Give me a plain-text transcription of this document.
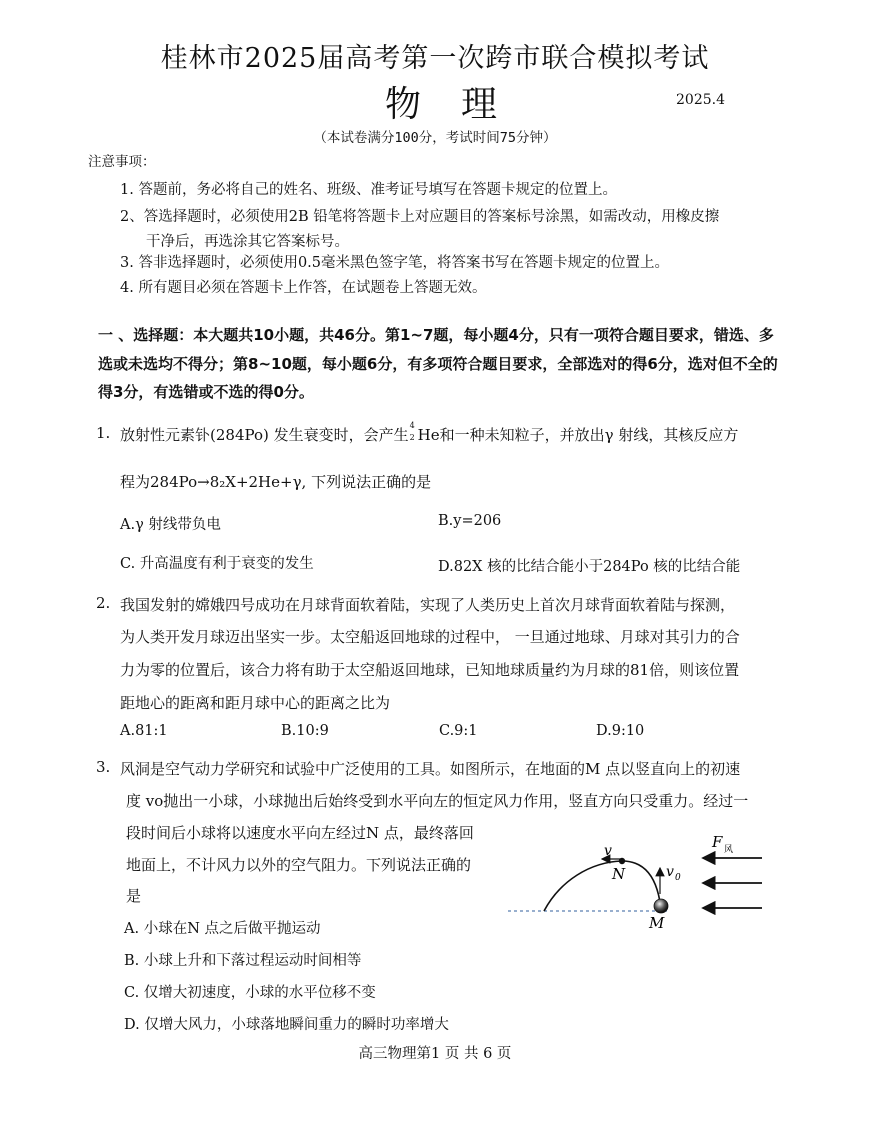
桂林市2025届高考第一次跨市联合模拟考试
物理	2025.4
（本试卷满分100分，考试时间75分钟）
注意事项：
1. 答题前，务必将自己的姓名、班级、准考证号填写在答题卡规定的位置上。
2、答选择题时，必须使用2B 铅笔将答题卡上对应题目的答案标号涂黑，如需改动，用橡皮擦
干净后，再选涂其它答案标号。
3. 答非选择题时，必须使用0.5毫米黑色签字笔，将答案书写在答题卡规定的位置上。
4. 所有题目必须在答题卡上作答，在试题卷上答题无效。
一 、选择题：本大题共10小题，共46分。第1~7题，每小题4分，只有一项符合题目要求，错选、多选或未选均不得分；第8~10题，每小题6分，有多项符合题目要求，全部选对的得6分，选对但不全的得3分，有选错或不选的得0分。
1. 放射性元素钋(284Po) 发生衰变时，会产生
4
2 He和一种未知粒子，并放出γ 射线，其核反应方
程为284Po→8₂X+2He+γ, 下列说法正确的是
A.γ 射线带负电	B.y=206
C. 升高温度有利于衰变的发生	D.82X 核的比结合能小于284Po 核的比结合能
2. 我国发射的嫦娥四号成功在月球背面软着陆，实现了人类历史上首次月球背面软着陆与探测，
为人类开发月球迈出坚实一步。太空船返回地球的过程中， 一旦通过地球、月球对其引力的合
力为零的位置后，该合力将有助于太空船返回地球，已知地球质量约为月球的81倍，则该位置
距地心的距离和距月球中心的距离之比为
A.81:1	B.10:9	C.9:1	D.9:10
3. 风洞是空气动力学研究和试验中广泛使用的工具。如图所示，在地面的M 点以竖直向上的初速
度 vo抛出一小球，小球抛出后始终受到水平向左的恒定风力作用，竖直方向只受重力。经过一
段时间后小球将以速度水平向左经过N 点，最终落回
地面上，不计风力以外的空气阻力。下列说法正确的
是
A. 小球在N 点之后做平抛运动
B. 小球上升和下落过程运动时间相等
C. 仅增大初速度，小球的水平位移不变
D. 仅增大风力，小球落地瞬间重力的瞬时功率增大
v
N	v 0
M
F 风
高三物理第1 页 共 6 页
